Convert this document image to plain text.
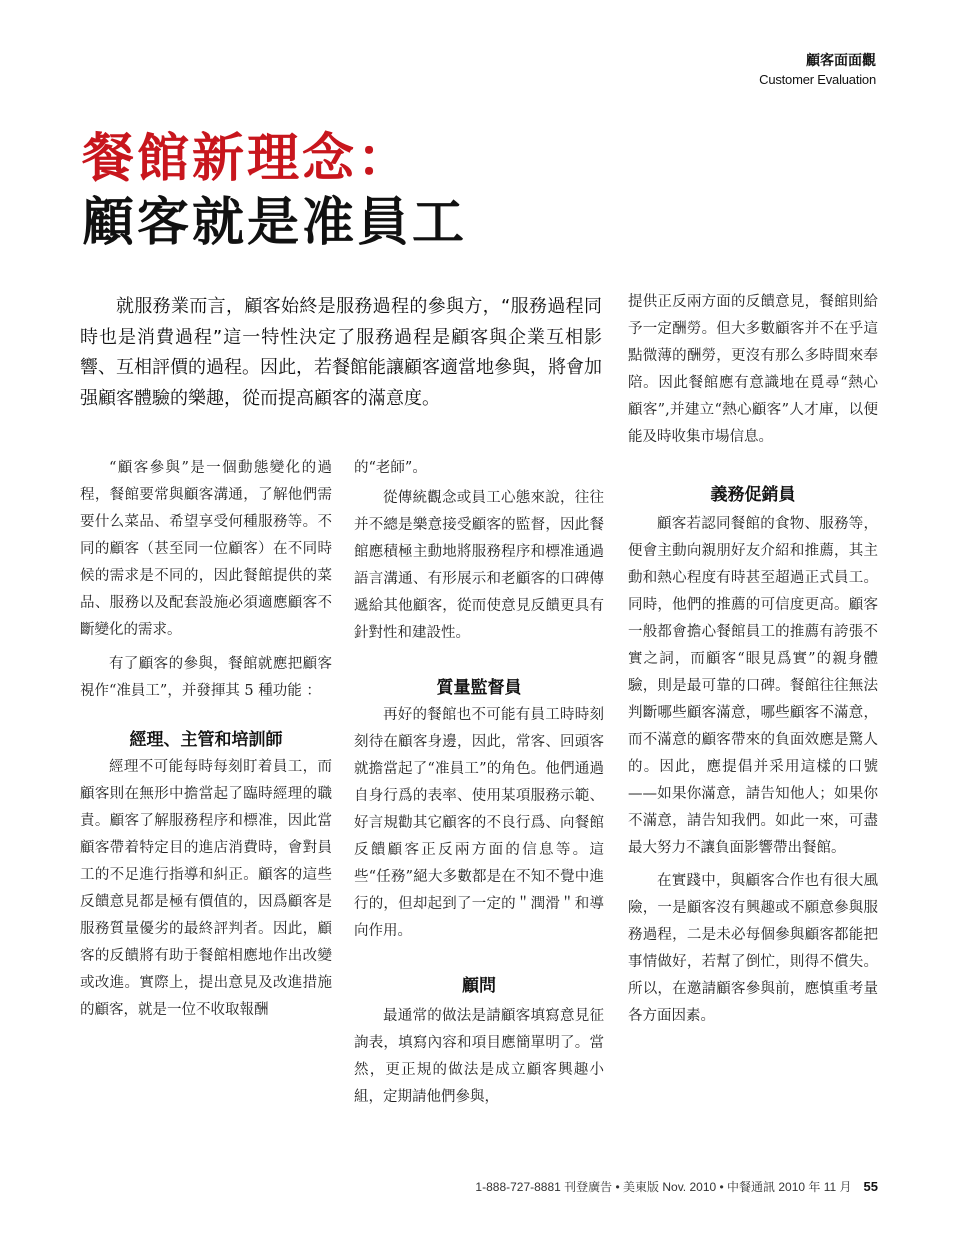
顧客面面觀
Customer Evaluation
餐館新理念：
顧客就是准員工

就服務業而言，顧客始終是服務過程的參與方，“服務過程同時也是消費過程”這一特性決定了服務過程是顧客與企業互相影響、互相評價的過程。因此，若餐館能讓顧客適當地參與，將會加强顧客體驗的樂趣，從而提高顧客的滿意度。

“顧客參與”是一個動態變化的過程，餐館要常與顧客溝通，了解他們需要什么菜品、希望享受何種服務等。不同的顧客（甚至同一位顧客）在不同時候的需求是不同的，因此餐館提供的菜品、服務以及配套設施必須適應顧客不斷變化的需求。

有了顧客的參與，餐館就應把顧客視作“准員工”，并發揮其 5 種功能 ：

經理、主管和培訓師

經理不可能每時每刻盯着員工，而顧客則在無形中擔當起了臨時經理的職責。顧客了解服務程序和標准，因此當顧客帶着特定目的進店消費時，會對員工的不足進行指導和糾正。顧客的這些反饋意見都是極有價值的，因爲顧客是服務質量優劣的最終評判者。因此，顧客的反饋將有助于餐館相應地作出改變或改進。實際上，提出意見及改進措施的顧客，就是一位不收取報酬

的“老師”。

從傳統觀念或員工心態來說，往往并不總是樂意接受顧客的監督，因此餐館應積極主動地將服務程序和標准通過語言溝通、有形展示和老顧客的口碑傳遞給其他顧客，從而使意見反饋更具有針對性和建設性。

質量監督員

再好的餐館也不可能有員工時時刻刻待在顧客身邊，因此，常客、回頭客就擔當起了“准員工”的角色。他們通過自身行爲的表率、使用某項服務示範、好言規勸其它顧客的不良行爲、向餐館反饋顧客正反兩方面的信息等。這些“任務”絕大多數都是在不知不覺中進行的，但却起到了一定的＂潤滑＂和導向作用。

顧問

最通常的做法是請顧客填寫意見征詢表，填寫內容和項目應簡單明了。當然，更正規的做法是成立顧客興趣小組，定期請他們參與，

提供正反兩方面的反饋意見，餐館則給予一定酬勞。但大多數顧客并不在乎這點微薄的酬勞，更沒有那么多時間來奉陪。因此餐館應有意識地在覓尋“熱心顧客”,并建立“熱心顧客”人才庫，以便能及時收集市場信息。

義務促銷員

顧客若認同餐館的食物、服務等，便會主動向親朋好友介紹和推薦，其主動和熱心程度有時甚至超過正式員工。同時，他們的推薦的可信度更高。顧客一般都會擔心餐館員工的推薦有誇張不實之詞，而顧客“眼見爲實”的親身體驗，則是最可靠的口碑。餐館往往無法判斷哪些顧客滿意，哪些顧客不滿意，而不滿意的顧客帶來的負面效應是驚人的。因此，應提倡并采用這樣的口號——如果你滿意，請告知他人；如果你不滿意，請告知我們。如此一來，可盡最大努力不讓負面影響帶出餐館。

在實踐中，與顧客合作也有很大風險，一是顧客沒有興趣或不願意參與服務過程，二是未必每個參與顧客都能把事情做好，若幫了倒忙，則得不償失。所以，在邀請顧客參與前，應慎重考量各方面因素。

1-888-727-8881 刊登廣告 • 美東版 Nov. 2010 • 中餐通訊 2010 年 11 月 55
